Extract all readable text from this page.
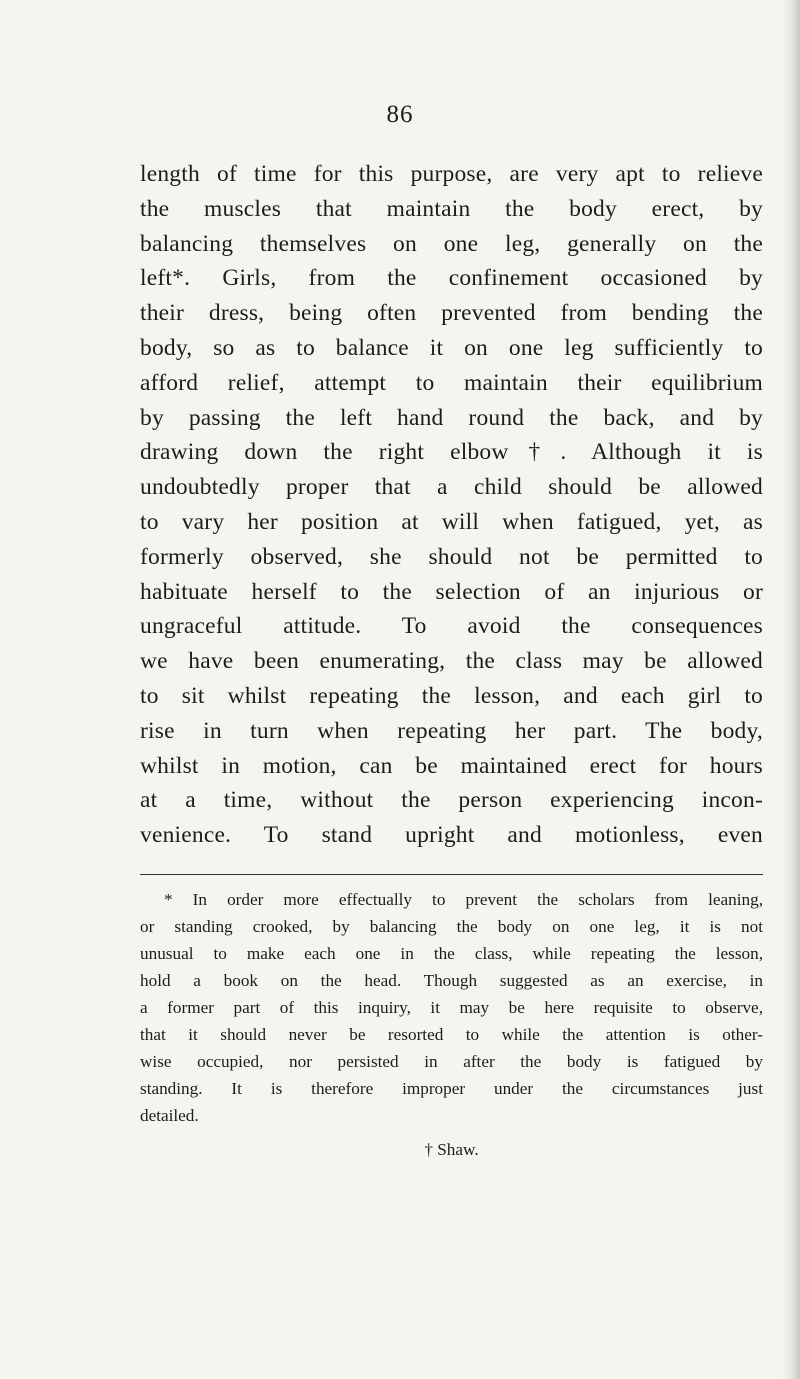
86
length of time for this purpose, are very apt to relieve
the muscles that maintain the body erect, by
balancing themselves on one leg, generally on the
left*. Girls, from the confinement occasioned by
their dress, being often prevented from bending the
body, so as to balance it on one leg sufficiently to
afford relief, attempt to maintain their equilibrium
by passing the left hand round the back, and by
drawing down the right elbow†. Although it is
undoubtedly proper that a child should be allowed
to vary her position at will when fatigued, yet, as
formerly observed, she should not be permitted to
habituate herself to the selection of an injurious or
ungraceful attitude. To avoid the consequences
we have been enumerating, the class may be allowed
to sit whilst repeating the lesson, and each girl to
rise in turn when repeating her part. The body,
whilst in motion, can be maintained erect for hours
at a time, without the person experiencing incon-
venience. To stand upright and motionless, even
* In order more effectually to prevent the scholars from leaning,
or standing crooked, by balancing the body on one leg, it is not
unusual to make each one in the class, while repeating the lesson,
hold a book on the head. Though suggested as an exercise, in
a former part of this inquiry, it may be here requisite to observe,
that it should never be resorted to while the attention is other-
wise occupied, nor persisted in after the body is fatigued by
standing. It is therefore improper under the circumstances just
detailed.
† Shaw.
